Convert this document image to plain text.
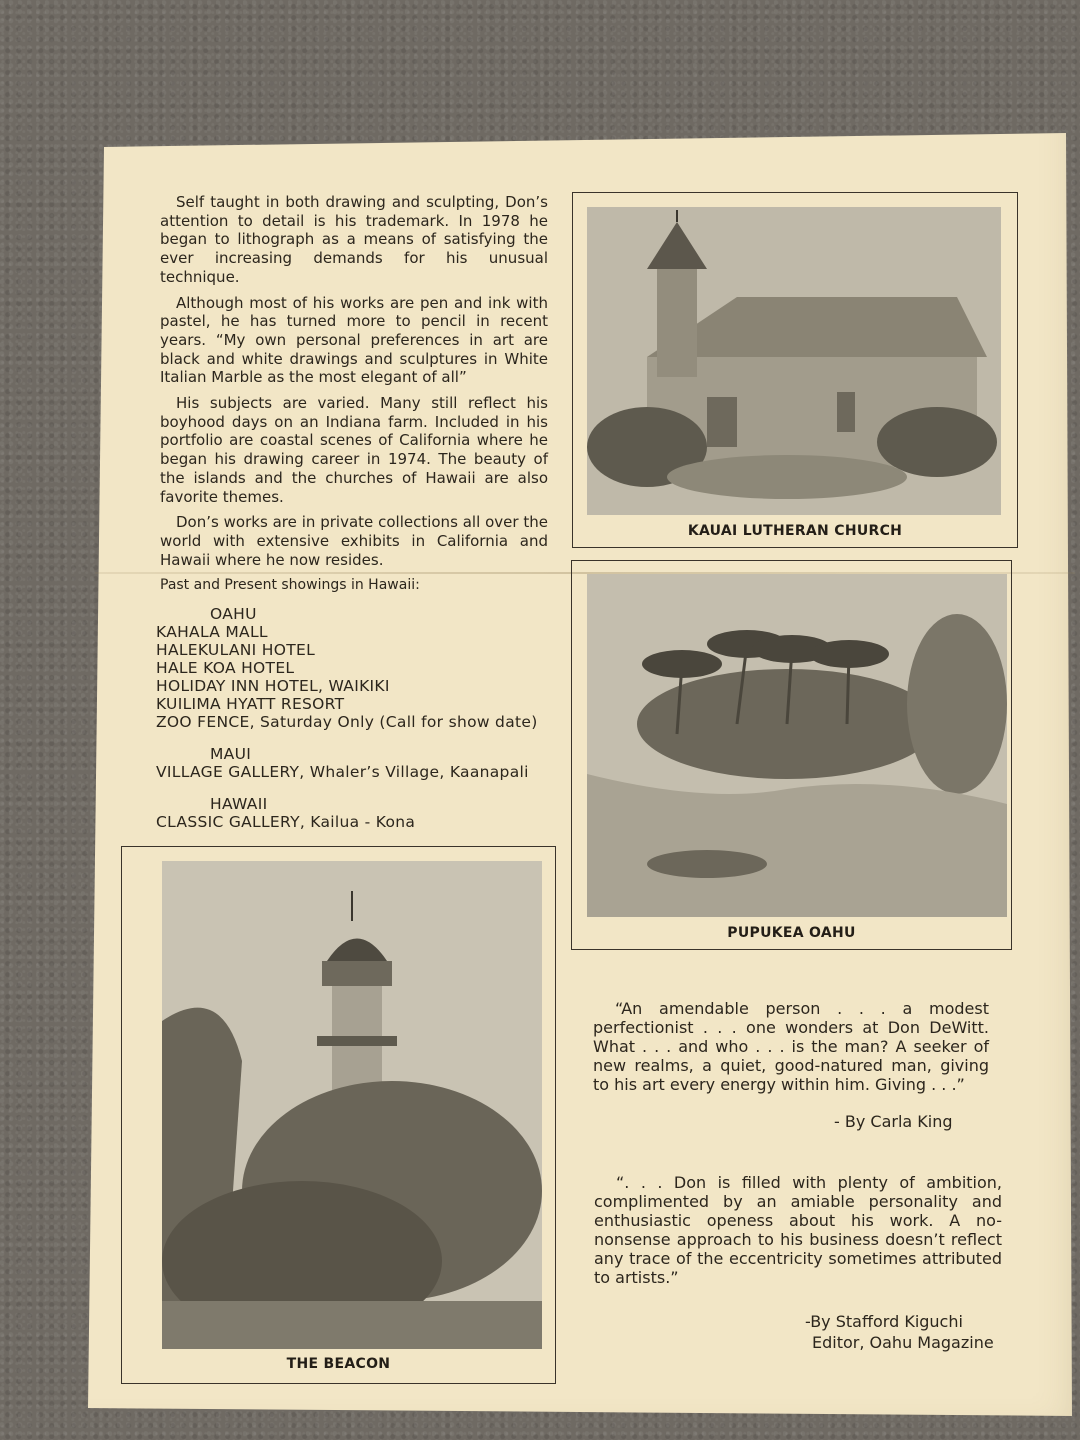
Self taught in both drawing and sculpting, Don’s attention to detail is his trademark. In 1978 he began to lithograph as a means of satisfying the ever increasing demands for his unusual technique.

Although most of his works are pen and ink with pastel, he has turned more to pencil in recent years. “My own personal preferences in art are black and white drawings and sculptures in White Italian Marble as the most elegant of all”

His subjects are varied. Many still reflect his boyhood days on an Indiana farm. Included in his portfolio are coastal scenes of California where he began his drawing career in 1974. The beauty of the islands and the churches of Hawaii are also favorite themes.

Don’s works are in private collections all over the world with extensive exhibits in California and Hawaii where he now resides.

Past and Present showings in Hawaii:
OAHU
KAHALA MALL
HALEKULANI HOTEL
HALE KOA HOTEL
HOLIDAY INN HOTEL, WAIKIKI
KUILIMA HYATT RESORT
ZOO FENCE, Saturday Only (Call for show date)
MAUI
VILLAGE GALLERY, Whaler’s Village, Kaanapali
HAWAII
CLASSIC GALLERY, Kailua - Kona
KAUAI LUTHERAN CHURCH
PUPUKEA OAHU
THE BEACON
“An amendable person . . . a modest perfectionist . . . one wonders at Don DeWitt. What . . . and who . . . is the man? A seeker of new realms, a quiet, good-natured man, giving to his art every energy within him. Giving . . .”
- By Carla King
“. . . Don is filled with plenty of ambition, complimented by an amiable personality and enthusiastic openess about his work. A no-nonsense approach to his business doesn’t reflect any trace of the eccentricity sometimes attributed to artists.”
-By Stafford Kiguchi
Editor, Oahu Magazine
